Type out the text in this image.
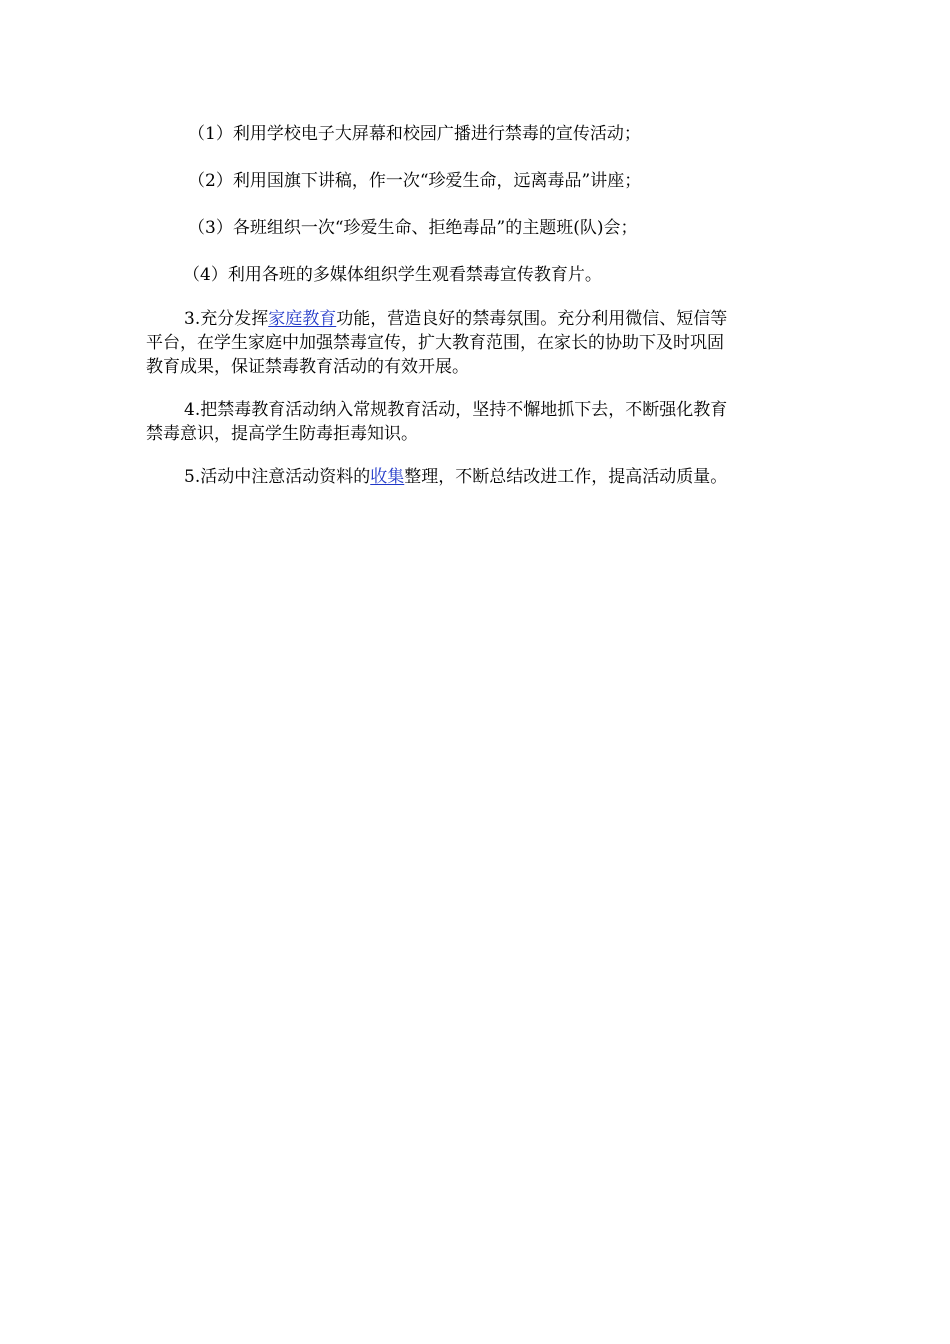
（1）利用学校电子大屏幕和校园广播进行禁毒的宣传活动；

（2）利用国旗下讲稿，作一次“珍爱生命，远离毒品”讲座；

（3）各班组织一次“珍爱生命、拒绝毒品”的主题班(队)会；

（4）利用各班的多媒体组织学生观看禁毒宣传教育片。

3.充分发挥家庭教育功能，营造良好的禁毒氛围。充分利用微信、短信等
平台，在学生家庭中加强禁毒宣传，扩大教育范围，在家长的协助下及时巩固
教育成果，保证禁毒教育活动的有效开展。
4.把禁毒教育活动纳入常规教育活动，坚持不懈地抓下去，不断强化教育
禁毒意识，提高学生防毒拒毒知识。
5.活动中注意活动资料的收集整理，不断总结改进工作，提高活动质量。
